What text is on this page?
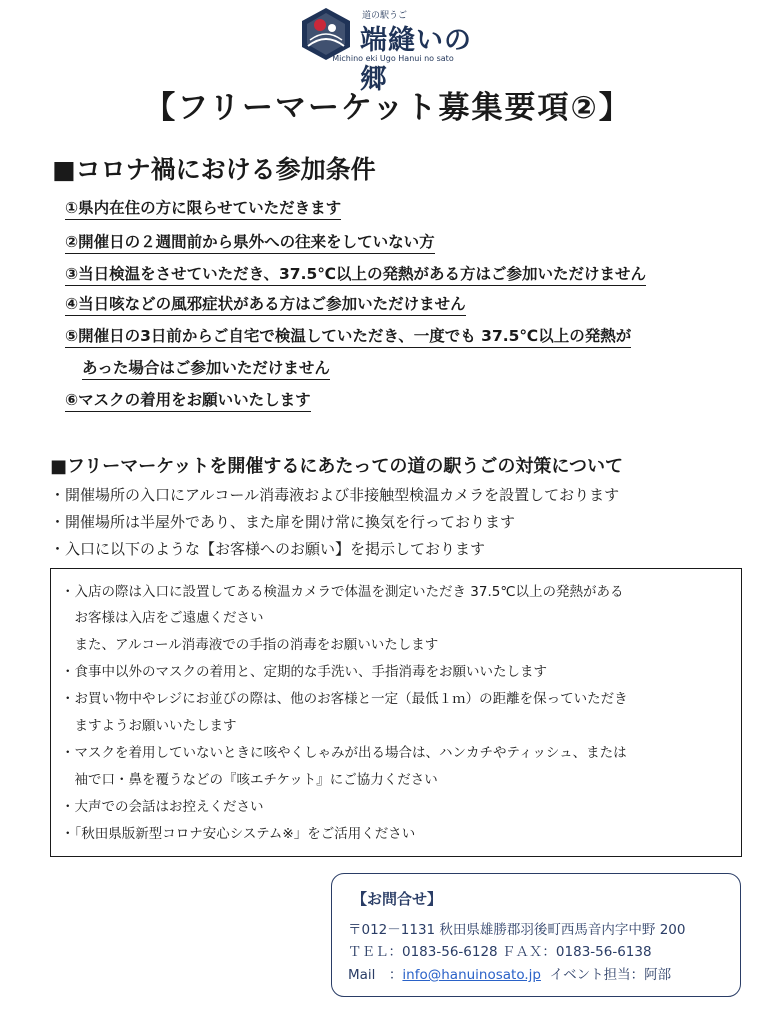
道の駅うご
端縫いの郷
Michino eki Ugo Hanui no sato
【フリーマーケット募集要項②】
■コロナ禍における参加条件
①県内在住の方に限らせていただきます
②開催日の２週間前から県外への往来をしていない方
③当日検温をさせていただき、37.5℃以上の発熱がある方はご参加いただけません
④当日咳などの風邪症状がある方はご参加いただけません
⑤開催日の3日前からご自宅で検温していただき、一度でも 37.5℃以上の発熱が
あった場合はご参加いただけません
⑥マスクの着用をお願いいたします
■フリーマーケットを開催するにあたっての道の駅うごの対策について
・開催場所の入口にアルコール消毒液および非接触型検温カメラを設置しております
・開催場所は半屋外であり、また扉を開け常に換気を行っております
・入口に以下のような【お客様へのお願い】を掲示しております
・入店の際は入口に設置してある検温カメラで体温を測定いただき 37.5℃以上の発熱がある
　お客様は入店をご遠慮ください
　また、アルコール消毒液での手指の消毒をお願いいたします
・食事中以外のマスクの着用と、定期的な手洗い、手指消毒をお願いいたします
・お買い物中やレジにお並びの際は、他のお客様と一定（最低１ｍ）の距離を保っていただき
　ますようお願いいたします
・マスクを着用していないときに咳やくしゃみが出る場合は、ハンカチやティッシュ、または
　袖で口・鼻を覆うなどの『咳エチケット』にご協力ください
・大声での会話はお控えください
・「秋田県版新型コロナ安心システム※」をご活用ください
【お問合せ】
〒012－1131 秋田県雄勝郡羽後町西馬音内字中野 200
ＴＥＬ：0183-56-6128 ＦＡＸ：0183-56-6138
Mail　：info@hanuinosato.jp イベント担当：阿部
